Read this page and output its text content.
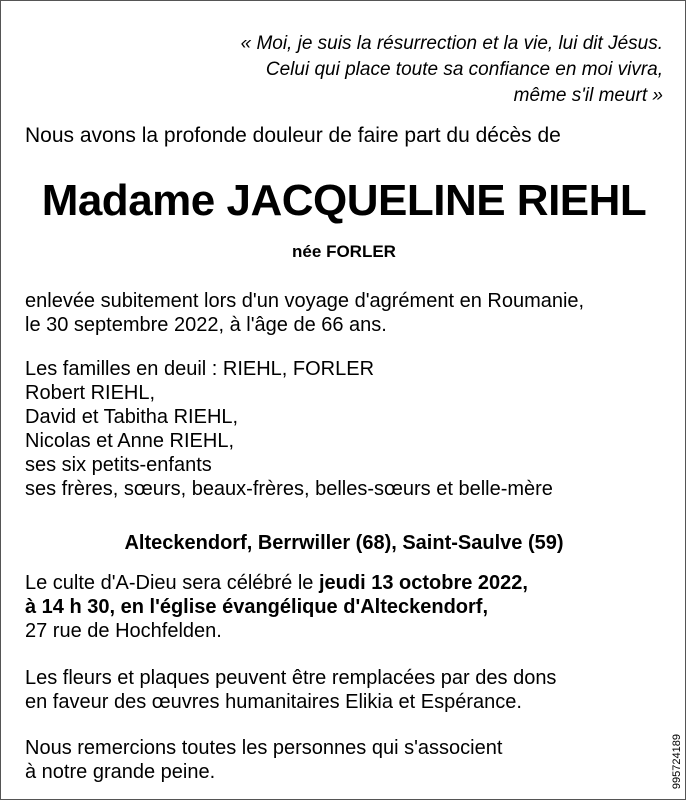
« Moi, je suis la résurrection et la vie, lui dit Jésus.
Celui qui place toute sa confiance en moi vivra,
même s'il meurt »
Nous avons la profonde douleur de faire part du décès de
Madame JACQUELINE RIEHL
née FORLER
enlevée subitement lors d'un voyage d'agrément en Roumanie,
le 30 septembre 2022, à l'âge de 66 ans.
Les familles en deuil : RIEHL, FORLER
Robert RIEHL,
David et Tabitha RIEHL,
Nicolas et Anne RIEHL,
ses six petits-enfants
ses frères, sœurs, beaux-frères, belles-sœurs et belle-mère
Alteckendorf, Berrwiller (68), Saint-Saulve (59)
Le culte d'A-Dieu sera célébré le jeudi 13 octobre 2022,
à 14 h 30, en l'église évangélique d'Alteckendorf,
27 rue de Hochfelden.
Les fleurs et plaques peuvent être remplacées par des dons
en faveur des œuvres humanitaires Elikia et Espérance.
Nous remercions toutes les personnes qui s'associent
à notre grande peine.	995724189
